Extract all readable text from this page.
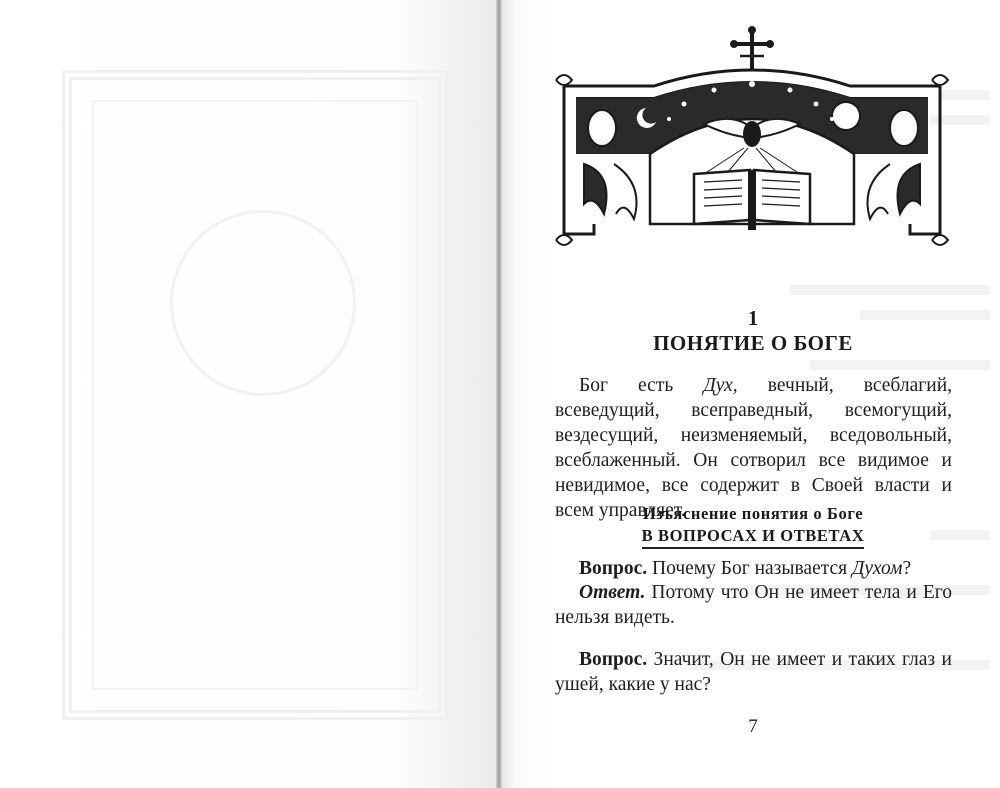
1
ПОНЯТИЕ О БОГЕ

Бог есть Дух, вечный, всеблагий, всеведущий, всеправедный, всемогущий, вездесущий, неизменяемый, вседовольный, всеблаженный. Он сотворил все видимое и невидимое, все содержит в Своей власти и всем управляет.

Изъяснение понятия о Боге
В ВОПРОСАХ И ОТВЕТАХ

Вопрос. Почему Бог называется Духом?

Ответ. Потому что Он не имеет тела и Его нельзя видеть.

Вопрос. Значит, Он не имеет и таких глаз и ушей, какие у нас?

7
